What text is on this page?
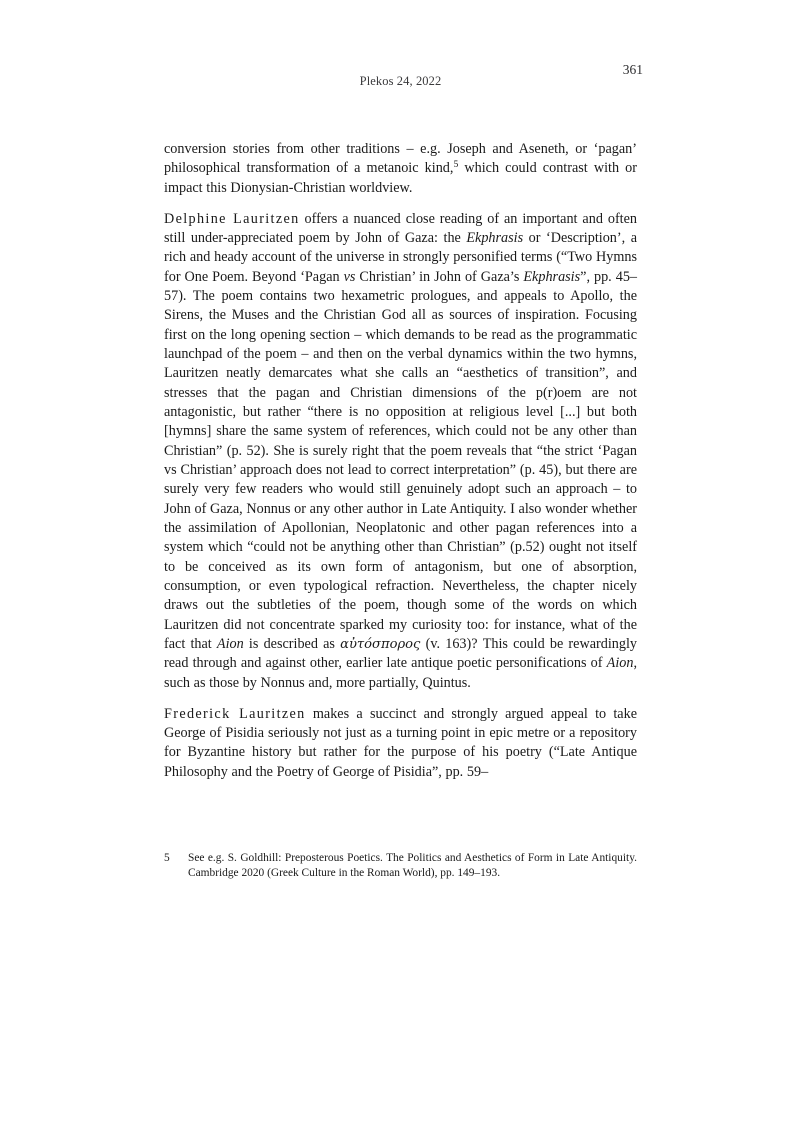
Plekos 24, 2022
361

conversion stories from other traditions – e.g. Joseph and Aseneth, or ‘pagan’ philosophical transformation of a metanoic kind,$^5$ which could contrast with or impact this Dionysian-Christian worldview.

Delphine Lauritzen offers a nuanced close reading of an important and often still under-appreciated poem by John of Gaza: the Ekphrasis or ‘Description’, a rich and heady account of the universe in strongly personified terms (“Two Hymns for One Poem. Beyond ‘Pagan vs Christian’ in John of Gaza’s Ekphrasis”, pp. 45–57). The poem contains two hexametric prologues, and appeals to Apollo, the Sirens, the Muses and the Christian God all as sources of inspiration. Focusing first on the long opening section – which demands to be read as the programmatic launchpad of the poem – and then on the verbal dynamics within the two hymns, Lauritzen neatly demarcates what she calls an “aesthetics of transition”, and stresses that the pagan and Christian dimensions of the p(r)oem are not antagonistic, but rather “there is no opposition at religious level [...] but both [hymns] share the same system of references, which could not be any other than Christian” (p. 52). She is surely right that the poem reveals that “the strict ‘Pagan vs Christian’ approach does not lead to correct interpretation” (p. 45), but there are surely very few readers who would still genuinely adopt such an approach – to John of Gaza, Nonnus or any other author in Late Antiquity. I also wonder whether the assimilation of Apollonian, Neoplatonic and other pagan references into a system which “could not be anything other than Christian” (p.52) ought not itself to be conceived as its own form of antagonism, but one of absorption, consumption, or even typological refraction. Nevertheless, the chapter nicely draws out the subtleties of the poem, though some of the words on which Lauritzen did not concentrate sparked my curiosity too: for instance, what of the fact that Aion is described as αὐτόσπορος (v. 163)? This could be rewardingly read through and against other, earlier late antique poetic personifications of Aion, such as those by Nonnus and, more partially, Quintus.

Frederick Lauritzen makes a succinct and strongly argued appeal to take George of Pisidia seriously not just as a turning point in epic metre or a repository for Byzantine history but rather for the purpose of his poetry (“Late Antique Philosophy and the Poetry of George of Pisidia”, pp. 59–

5	See e.g. S. Goldhill: Preposterous Poetics. The Politics and Aesthetics of Form in Late Antiquity. Cambridge 2020 (Greek Culture in the Roman World), pp. 149–193.
